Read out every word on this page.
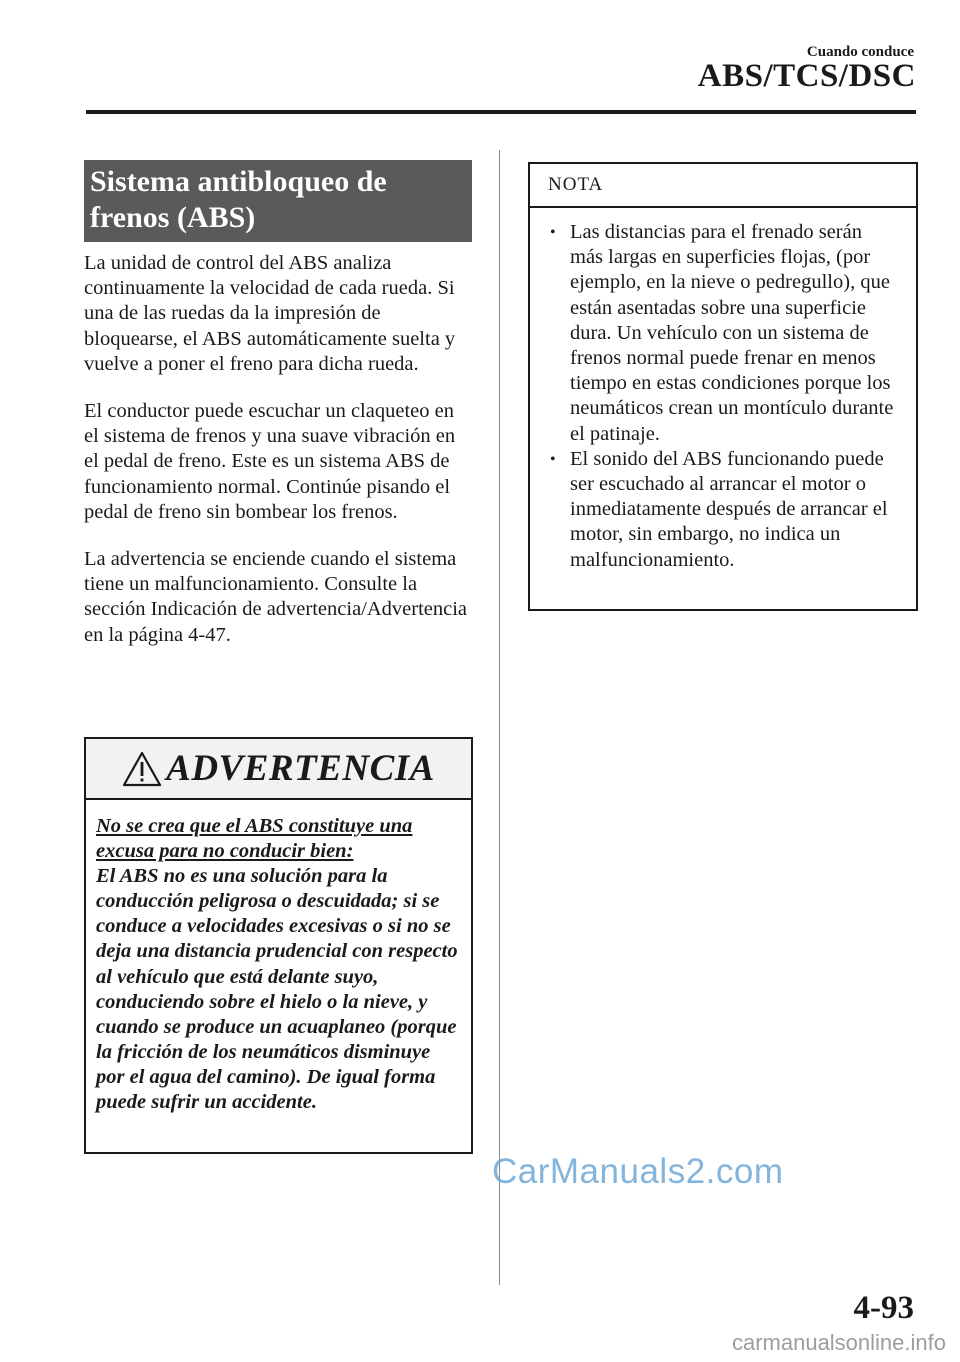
Cuando conduce
ABS/TCS/DSC
Sistema antibloqueo de
frenos (ABS)

La unidad de control del ABS analiza continuamente la velocidad de cada rueda. Si una de las ruedas da la impresión de bloquearse, el ABS automáticamente suelta y vuelve a poner el freno para dicha rueda.

El conductor puede escuchar un claqueteo en el sistema de frenos y una suave vibración en el pedal de freno. Este es un sistema ABS de funcionamiento normal. Continúe pisando el pedal de freno sin bombear los frenos.

La advertencia se enciende cuando el sistema tiene un malfuncionamiento. Consulte la sección Indicación de advertencia/Advertencia en la página 4-47.

ADVERTENCIA
No se crea que el ABS constituye una excusa para no conducir bien:
El ABS no es una solución para la conducción peligrosa o descuidada; si se conduce a velocidades excesivas o si no se deja una distancia prudencial con respecto al vehículo que está delante suyo, conduciendo sobre el hielo o la nieve, y cuando se produce un acuaplaneo (porque la fricción de los neumáticos disminuye por el agua del camino). De igual forma puede sufrir un accidente.
NOTA
• Las distancias para el frenado serán más largas en superficies flojas, (por ejemplo, en la nieve o pedregullo), que están asentadas sobre una superficie dura. Un vehículo con un sistema de frenos normal puede frenar en menos tiempo en estas condiciones porque los neumáticos crean un montículo durante el patinaje.
• El sonido del ABS funcionando puede ser escuchado al arrancar el motor o inmediatamente después de arrancar el motor, sin embargo, no indica un malfuncionamiento.
CarManuals2.com
4-93
carmanualsonline.info
